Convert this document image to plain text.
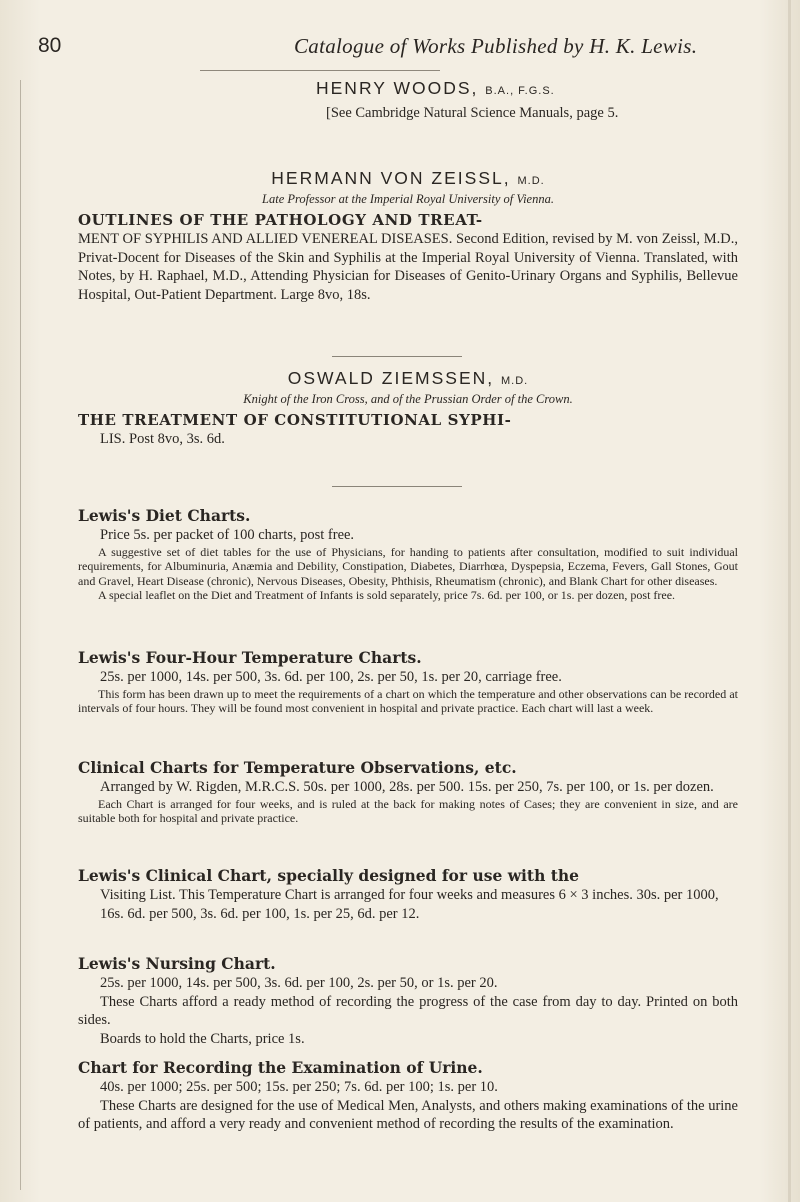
80	Catalogue of Works Published by H. K. Lewis.

HENRY WOODS, B.A., F.G.S.

[See Cambridge Natural Science Manuals, page 5.

HERMANN VON ZEISSL, M.D.

Late Professor at the Imperial Royal University of Vienna.

OUTLINES OF THE PATHOLOGY AND TREAT-

MENT OF SYPHILIS AND ALLIED VENEREAL DISEASES. Second Edition, revised by M. von Zeissl, M.D., Privat-Docent for Diseases of the Skin and Syphilis at the Imperial Royal University of Vienna. Translated, with Notes, by H. Raphael, M.D., Attending Physician for Diseases of Genito-Urinary Organs and Syphilis, Bellevue Hospital, Out-Patient Department. Large 8vo, 18s.

OSWALD ZIEMSSEN, M.D.

Knight of the Iron Cross, and of the Prussian Order of the Crown.

THE TREATMENT OF CONSTITUTIONAL SYPHI-

LIS. Post 8vo, 3s. 6d.

Lewis's Diet Charts.

Price 5s. per packet of 100 charts, post free.

A suggestive set of diet tables for the use of Physicians, for handing to patients after consultation, modified to suit individual requirements, for Albuminuria, Anæmia and Debility, Constipation, Diabetes, Diarrhœa, Dyspepsia, Eczema, Fevers, Gall Stones, Gout and Gravel, Heart Disease (chronic), Nervous Diseases, Obesity, Phthisis, Rheumatism (chronic), and Blank Chart for other diseases.

A special leaflet on the Diet and Treatment of Infants is sold separately, price 7s. 6d. per 100, or 1s. per dozen, post free.

Lewis's Four-Hour Temperature Charts.

25s. per 1000, 14s. per 500, 3s. 6d. per 100, 2s. per 50, 1s. per 20, carriage free.

This form has been drawn up to meet the requirements of a chart on which the temperature and other observations can be recorded at intervals of four hours. They will be found most convenient in hospital and private practice. Each chart will last a week.

Clinical Charts for Temperature Observations, etc.

Arranged by W. Rigden, M.R.C.S. 50s. per 1000, 28s. per 500. 15s. per 250, 7s. per 100, or 1s. per dozen.

Each Chart is arranged for four weeks, and is ruled at the back for making notes of Cases; they are convenient in size, and are suitable both for hospital and private practice.

Lewis's Clinical Chart, specially designed for use with the

Visiting List. This Temperature Chart is arranged for four weeks and measures 6 × 3 inches. 30s. per 1000, 16s. 6d. per 500, 3s. 6d. per 100, 1s. per 25, 6d. per 12.

Lewis's Nursing Chart.

25s. per 1000, 14s. per 500, 3s. 6d. per 100, 2s. per 50, or 1s. per 20.

These Charts afford a ready method of recording the progress of the case from day to day. Printed on both sides.

Boards to hold the Charts, price 1s.

Chart for Recording the Examination of Urine.

40s. per 1000; 25s. per 500; 15s. per 250; 7s. 6d. per 100; 1s. per 10.

These Charts are designed for the use of Medical Men, Analysts, and others making examinations of the urine of patients, and afford a very ready and convenient method of recording the results of the examination.
